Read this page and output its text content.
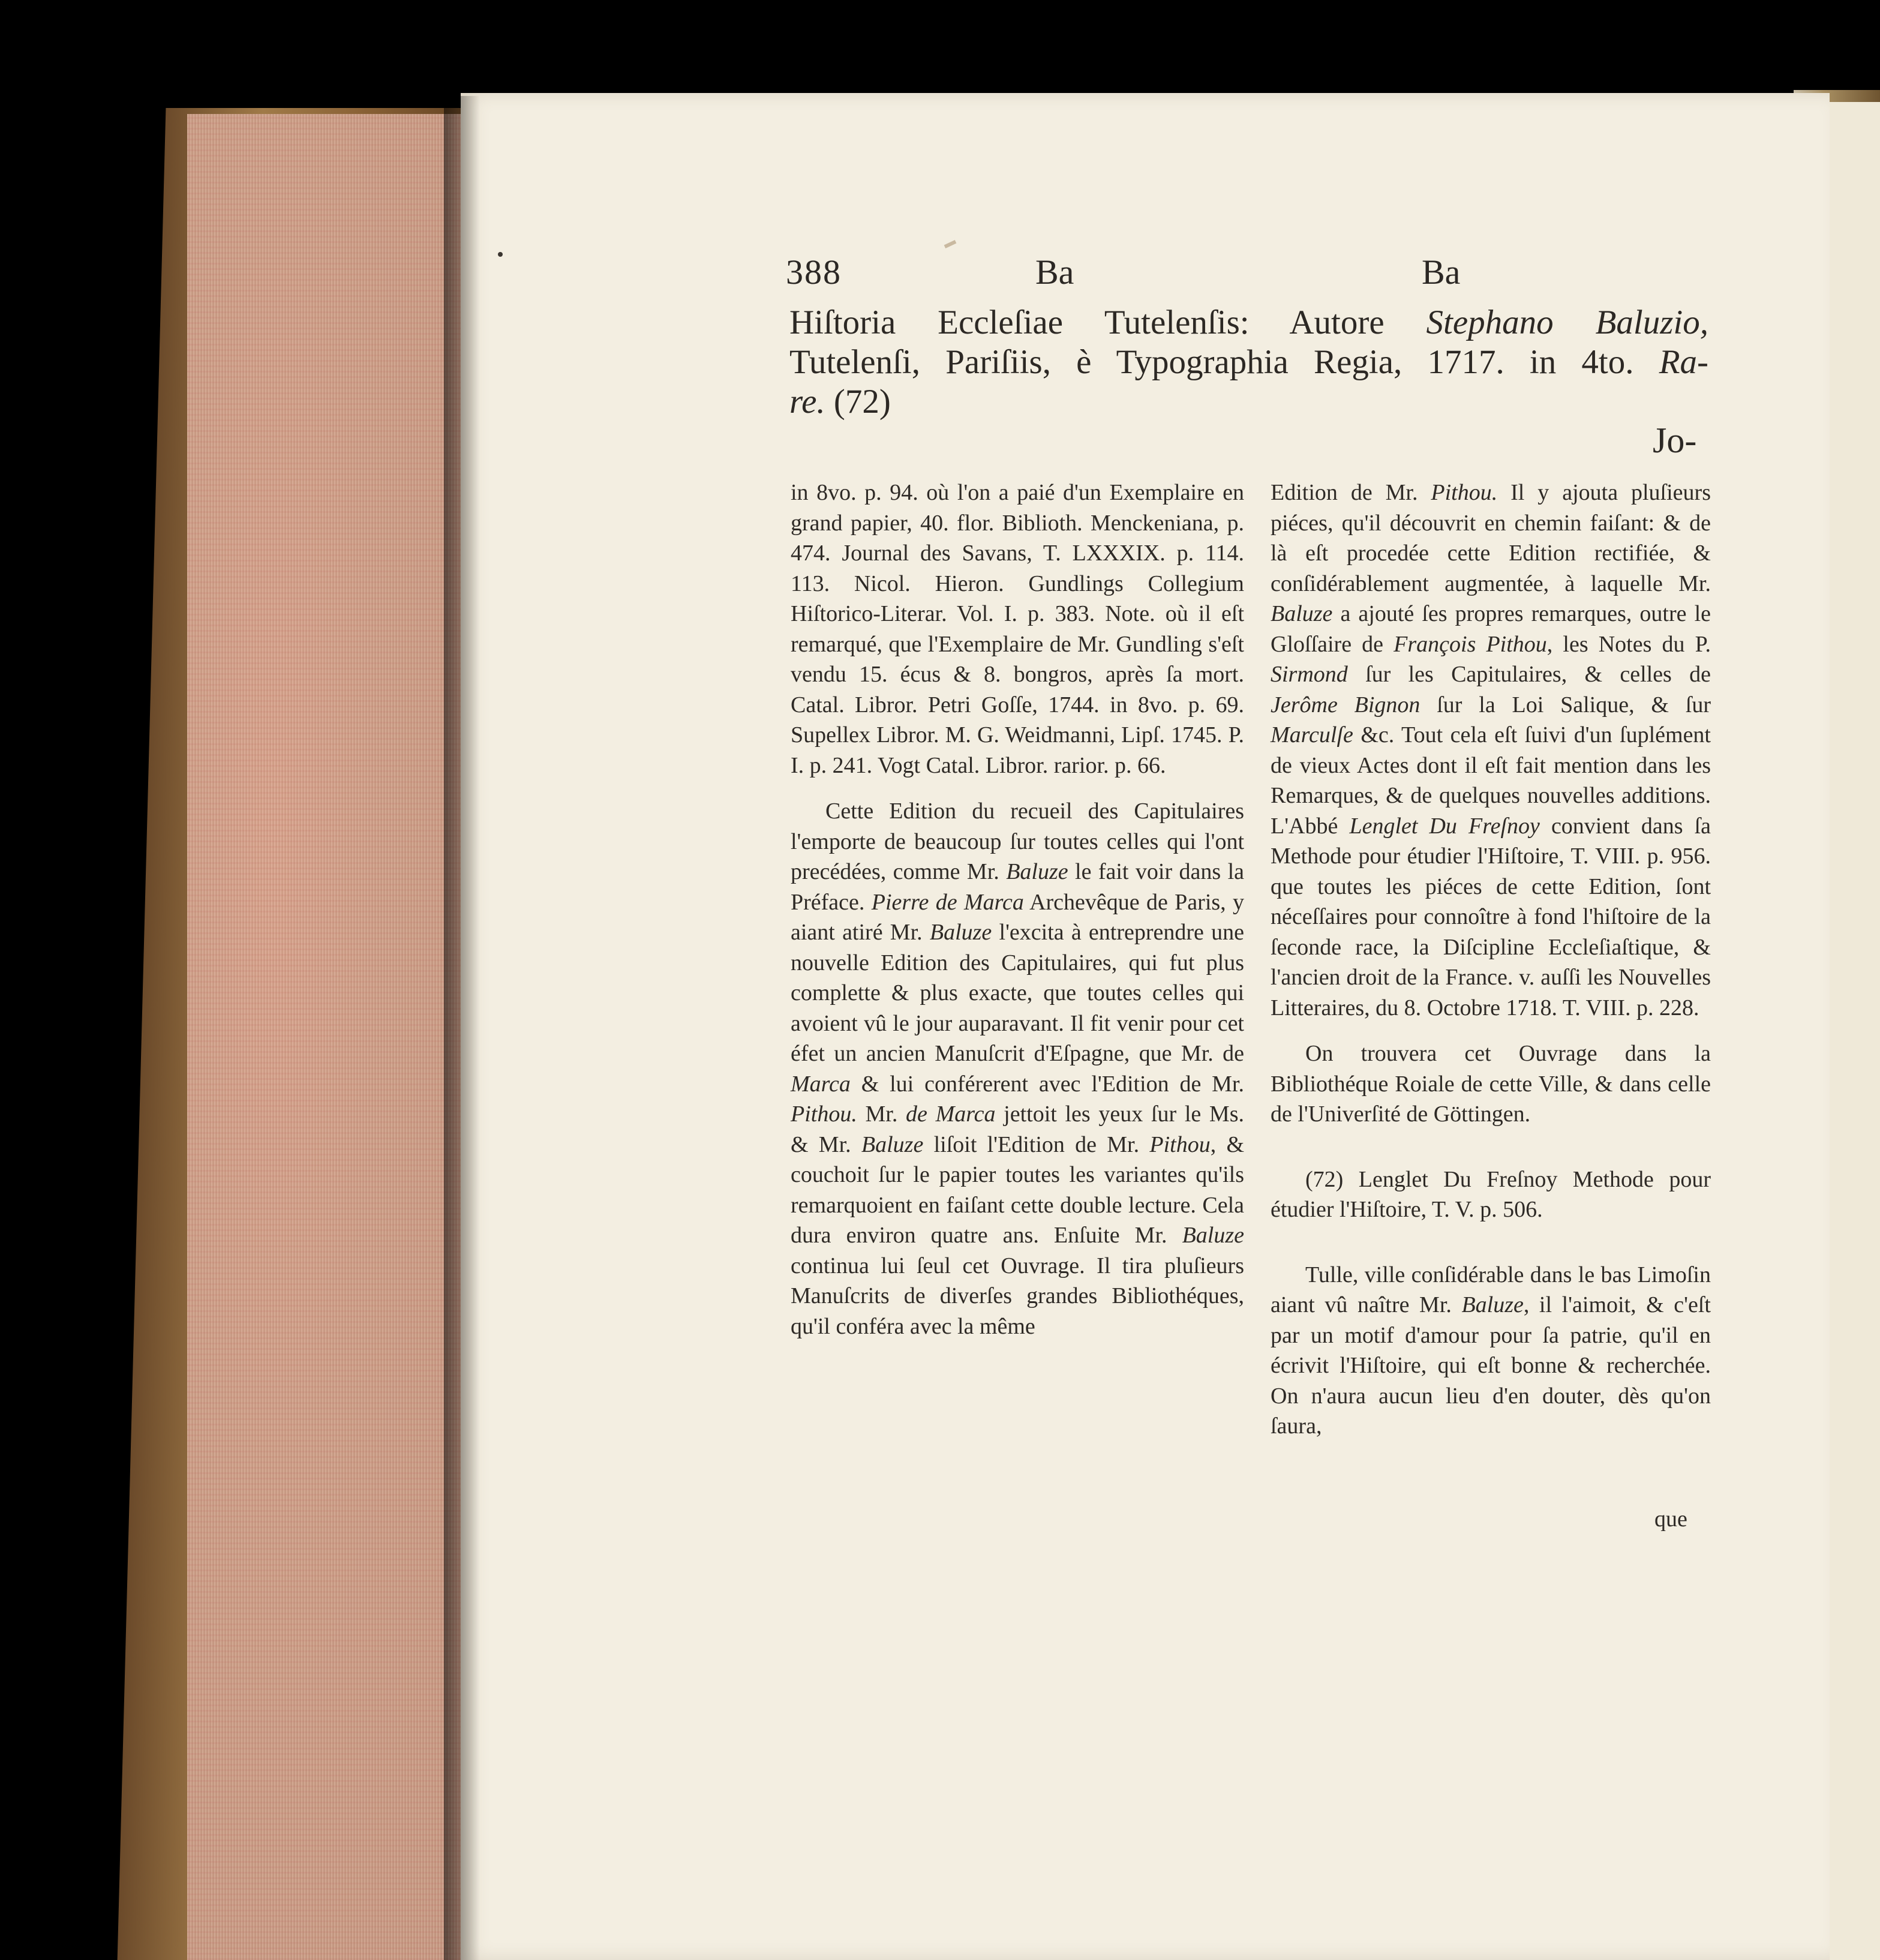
388	Ba	Ba
Hiſtoria Eccleſiae Tutelenſis: Autore Stephano Baluzio,
Tutelenſi, Pariſiis, è Typographia Regia, 1717. in 4to. Ra-
re. (72)
Jo-

in 8vo. p. 94. où l'on a paié d'un Exemplaire en grand papier, 40. flor. Biblioth. Menckeniana, p. 474. Journal des Savans, T. LXXXIX. p. 114. 113. Nicol. Hieron. Gundlings Collegium Hiſtorico-Literar. Vol. I. p. 383. Note. où il eſt remarqué, que l'Exemplaire de Mr. Gundling s'eſt vendu 15. écus & 8. bongros, après ſa mort. Catal. Libror. Petri Goſſe, 1744. in 8vo. p. 69. Supellex Libror. M. G. Weidmanni, Lipſ. 1745. P. I. p. 241. Vogt Catal. Libror. rarior. p. 66.

Cette Edition du recueil des Capitulaires l'emporte de beaucoup ſur toutes celles qui l'ont precédées, comme Mr. Baluze le fait voir dans la Préface. Pierre de Marca Archevêque de Paris, y aiant atiré Mr. Baluze l'excita à entreprendre une nouvelle Edition des Capitulaires, qui fut plus complette & plus exacte, que toutes celles qui avoient vû le jour auparavant. Il fit venir pour cet éfet un ancien Manuſcrit d'Eſpagne, que Mr. de Marca & lui conférerent avec l'Edition de Mr. Pithou. Mr. de Marca jettoit les yeux ſur le Ms. & Mr. Baluze liſoit l'Edition de Mr. Pithou, & couchoit ſur le papier toutes les variantes qu'ils remarquoient en faiſant cette double lecture. Cela dura environ quatre ans. Enſuite Mr. Baluze continua lui ſeul cet Ouvrage. Il tira pluſieurs Manuſcrits de diverſes grandes Bibliothéques, qu'il conféra avec la même

Edition de Mr. Pithou. Il y ajouta pluſieurs piéces, qu'il découvrit en chemin faiſant: & de là eſt procedée cette Edition rectifiée, & conſidérablement augmentée, à laquelle Mr. Baluze a ajouté ſes propres remarques, outre le Gloſſaire de François Pithou, les Notes du P. Sirmond ſur les Capitulaires, & celles de Jerôme Bignon ſur la Loi Salique, & ſur Marculſe &c. Tout cela eſt ſuivi d'un ſuplément de vieux Actes dont il eſt fait mention dans les Remarques, & de quelques nouvelles additions. L'Abbé Lenglet Du Freſnoy convient dans ſa Methode pour étudier l'Hiſtoire, T. VIII. p. 956. que toutes les piéces de cette Edition, ſont néceſſaires pour connoître à fond l'hiſtoire de la ſeconde race, la Diſcipline Eccleſiaſtique, & l'ancien droit de la France. v. auſſi les Nouvelles Litteraires, du 8. Octobre 1718. T. VIII. p. 228.

On trouvera cet Ouvrage dans la Bibliothéque Roiale de cette Ville, & dans celle de l'Univerſité de Göttingen.

(72) Lenglet Du Freſnoy Methode pour étudier l'Hiſtoire, T. V. p. 506.

Tulle, ville conſidérable dans le bas Limoſin aiant vû naître Mr. Baluze, il l'aimoit, & c'eſt par un motif d'amour pour ſa patrie, qu'il en écrivit l'Hiſtoire, qui eſt bonne & recherchée. On n'aura aucun lieu d'en douter, dès qu'on ſaura,

que
